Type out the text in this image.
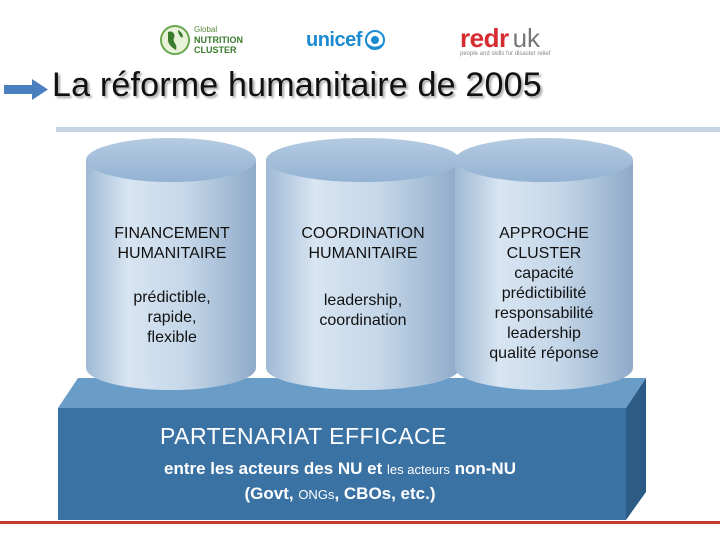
Global
NUTRITION
CLUSTER	unicef	redr uk
people and skills for disaster relief
La réforme humanitaire de 2005
FINANCEMENT
HUMANITAIRE
prédictible,
rapide,
flexible
COORDINATION
HUMANITAIRE
leadership,
coordination
APPROCHE
CLUSTER
capacité
prédictibilité
responsabilité
leadership
qualité réponse
PARTENARIAT EFFICACE
entre les acteurs des NU et les acteurs non-NU
(Govt, ONGs, CBOs, etc.)
